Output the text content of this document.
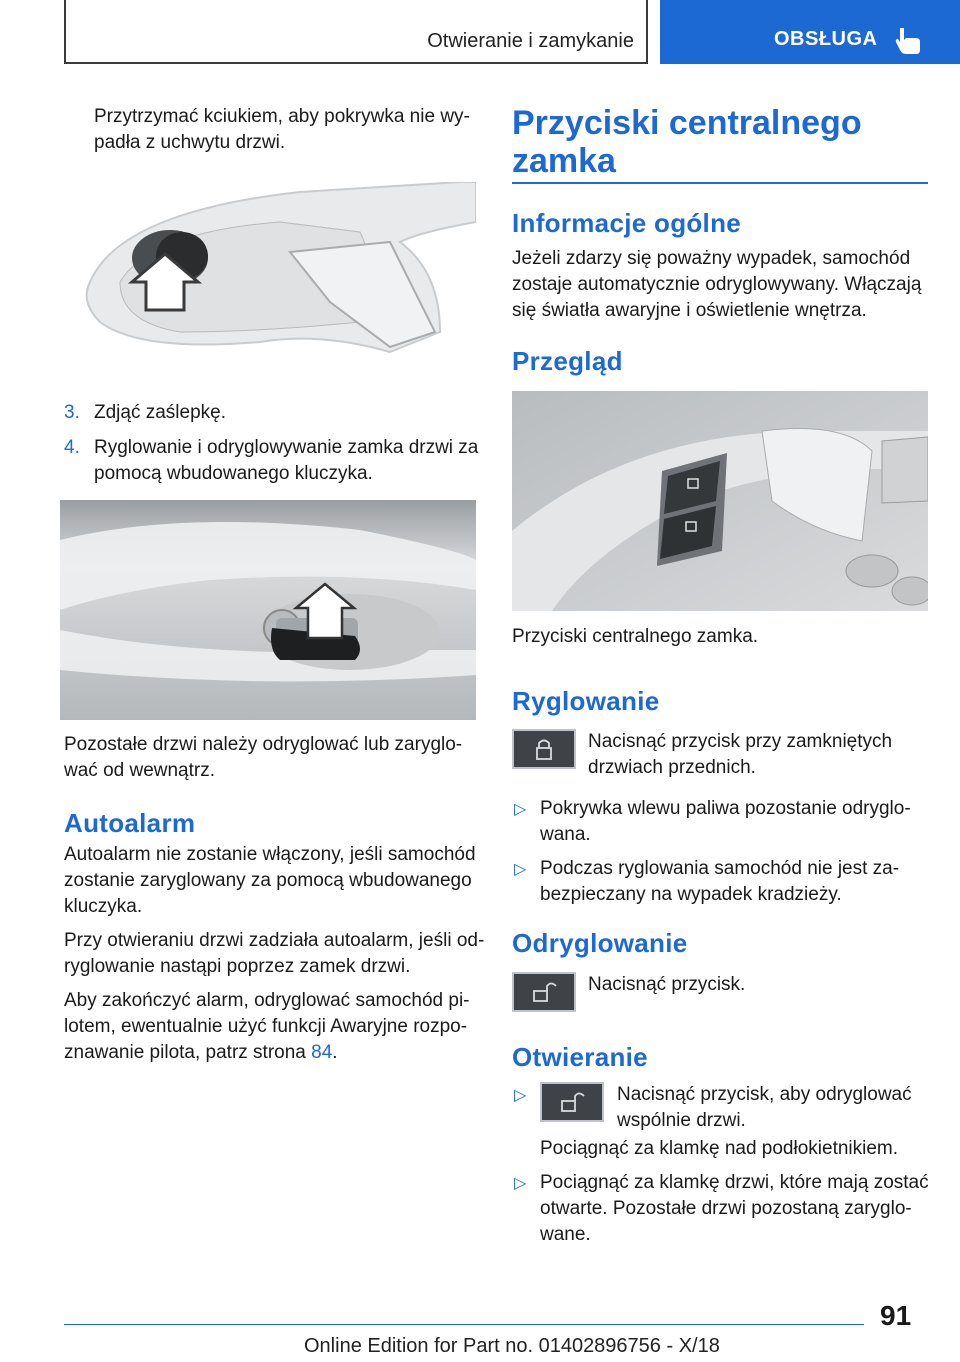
Otwieranie i zamykanie	OBSŁUGA

Przytrzymać kciukiem, aby pokrywka nie wy-

padła z uchwytu drzwi.

3. Zdjąć zaślepkę.
4. Ryglowanie i odryglowywanie zamka drzwi za
pomocą wbudowanego kluczyka.

Pozostałe drzwi należy odryglować lub zaryglo-

wać od wewnątrz.

Autoalarm

Autoalarm nie zostanie włączony, jeśli samochód

zostanie zaryglowany za pomocą wbudowanego

kluczyka.

Przy otwieraniu drzwi zadziała autoalarm, jeśli od-

ryglowanie nastąpi poprzez zamek drzwi.

Aby zakończyć alarm, odryglować samochód pi-

lotem, ewentualnie użyć funkcji Awaryjne rozpo-

znawanie pilota, patrz strona 84.

Przyciski centralnego
zamka
Informacje ogólne

Jeżeli zdarzy się poważny wypadek, samochód

zostaje automatycznie odryglowywany. Włączają

się światła awaryjne i oświetlenie wnętrza.

Przegląd
Przyciski centralnego zamka.
Ryglowanie

Nacisnąć przycisk przy zamkniętych

drzwiach przednich.

▷ Pokrywka wlewu paliwa pozostanie odryglo-
wana.
▷ Podczas ryglowania samochód nie jest za-
bezpieczany na wypadek kradzieży.
Odryglowanie
Nacisnąć przycisk.
Otwieranie
▷	Nacisnąć przycisk, aby odryglować

wspólnie drzwi.

Pociągnąć za klamkę nad podłokietnikiem.
▷ Pociągnąć za klamkę drzwi, które mają zostać
otwarte. Pozostałe drzwi pozostaną zaryglo-
wane.
91
Online Edition for Part no. 01402896756 - X/18
